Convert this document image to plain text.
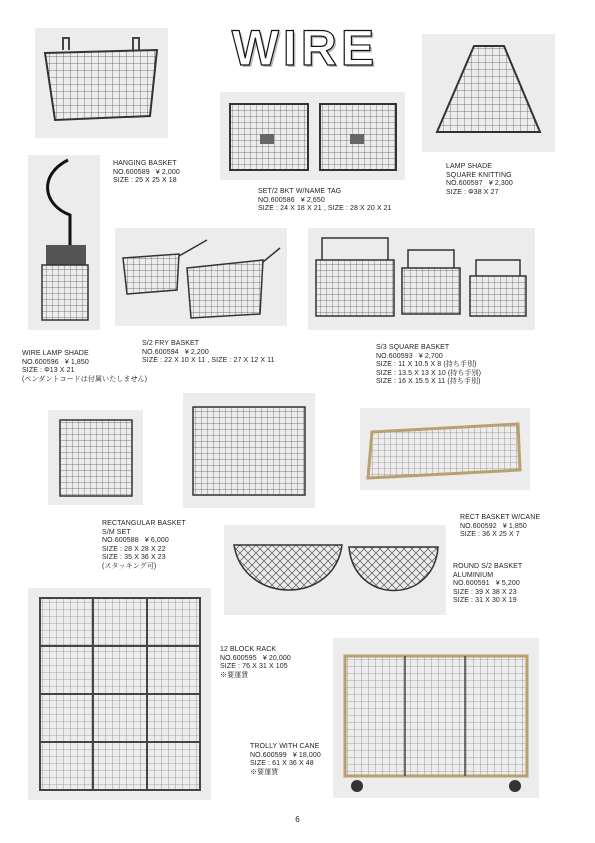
WIRE
HANGING BASKET
NO.600589 ¥ 2,000
SIZE : 25 X 25 X 18
SET/2 BKT W/NAME TAG
NO.600586 ¥ 2,650
SIZE : 24 X 18 X 21 , SIZE : 28 X 20 X 21
LAMP SHADE
SQUARE KNITTING
NO.600597 ¥ 2,300
SIZE : Φ38 X 27
WIRE LAMP SHADE
NO.600596 ¥ 1,850
SIZE : Φ13 X 21
(ペンダントコードは付属いたしません)
S/2 FRY BASKET
NO.600594 ¥ 2,200
SIZE : 22 X 10 X 11 , SIZE : 27 X 12 X 11
S/3 SQUARE BASKET
NO.600593 ¥ 2,700
SIZE : 11 X 10.5 X 8 (持ち手別)
SIZE : 13.5 X 13 X 10 (持ち手別)
SIZE : 16 X 15.5 X 11 (持ち手別)
RECTANGULAR BASKET
S/M SET
NO.600588 ¥ 6,000
SIZE : 28 X 28 X 22
SIZE : 35 X 36 X 23
(スタッキング可)
RECT BASKET W/CANE
NO.600592 ¥ 1,850
SIZE : 36 X 25 X 7
ROUND S/2 BASKET
ALUMINIUM
NO.600591 ¥ 5,200
SIZE : 39 X 38 X 23
SIZE : 31 X 30 X 19
12 BLOCK RACK
NO.600595 ¥ 20,000
SIZE : 76 X 31 X 105
※要運賃
TROLLY WITH CANE
NO.600599 ¥ 18,000
SIZE : 61 X 36 X 48
※要運賃
6
